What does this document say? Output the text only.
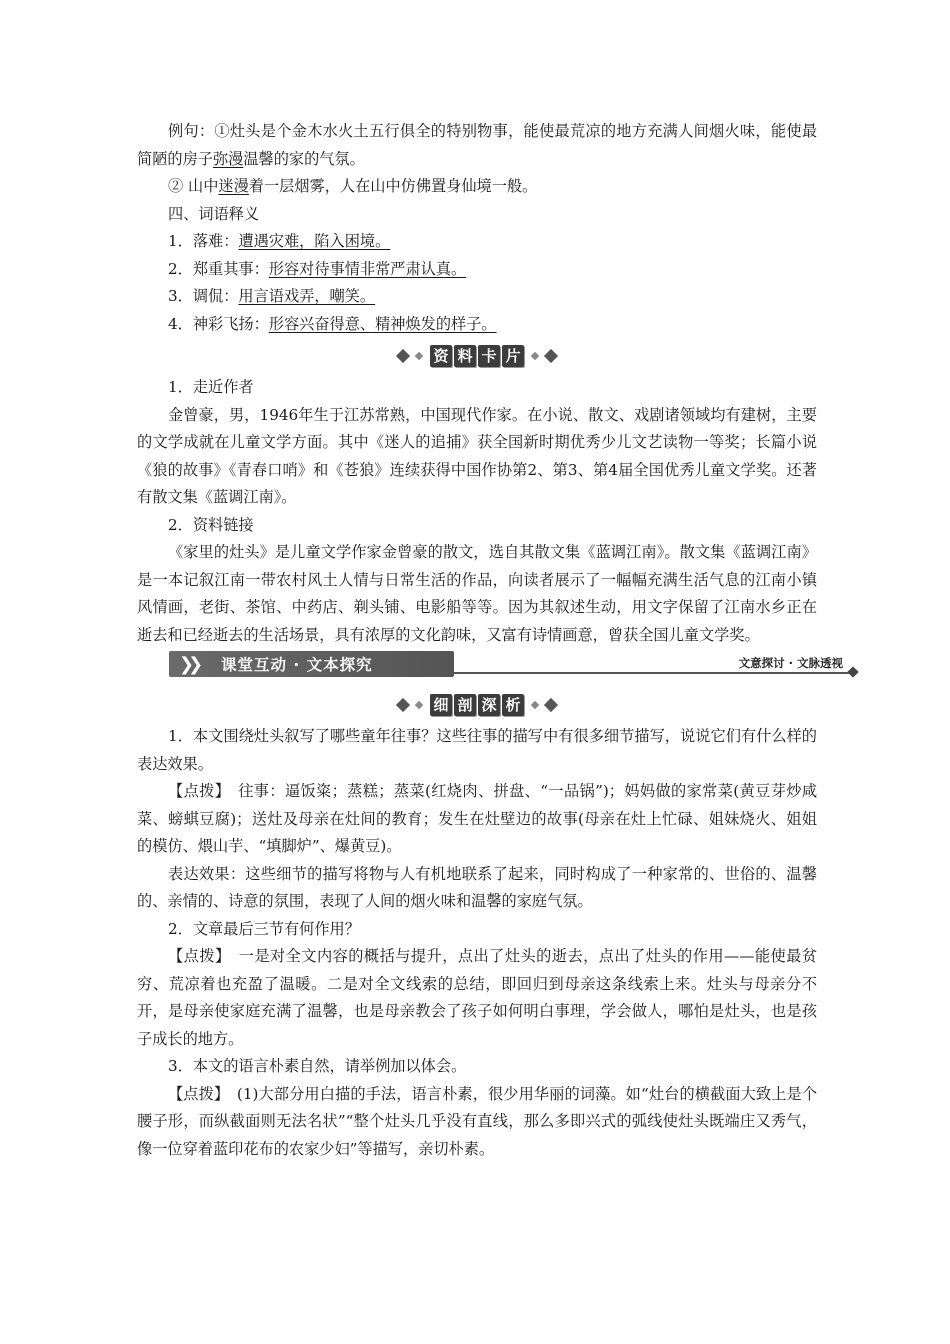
例句：①灶头是个金木水火土五行俱全的特别物事，能使最荒凉的地方充满人间烟火味，能使最简陋的房子弥漫温馨的家的气氛。

② 山中迷漫着一层烟雾，人在山中仿佛置身仙境一般。

四、词语释义

1．落难：遭遇灾难，陷入困境。

2．郑重其事：形容对待事情非常严肃认真。

3．调侃：用言语戏弄，嘲笑。

4．神彩飞扬：形容兴奋得意、精神焕发的样子。

资 料 卡 片

1．走近作者

金曾豪，男，1946年生于江苏常熟，中国现代作家。在小说、散文、戏剧诸领域均有建树，主要的文学成就在儿童文学方面。其中《迷人的追捕》获全国新时期优秀少儿文艺读物一等奖；长篇小说《狼的故事》《青春口哨》和《苍狼》连续获得中国作协第2、第3、第4届全国优秀儿童文学奖。还著有散文集《蓝调江南》。

2．资料链接

《家里的灶头》是儿童文学作家金曾豪的散文，选自其散文集《蓝调江南》。散文集《蓝调江南》是一本记叙江南一带农村风土人情与日常生活的作品，向读者展示了一幅幅充满生活气息的江南小镇风情画，老街、茶馆、中药店、剃头铺、电影船等等。因为其叙述生动，用文字保留了江南水乡正在逝去和已经逝去的生活场景，具有浓厚的文化韵味，又富有诗情画意，曾获全国儿童文学奖。

❯❯	课堂互动 · 文本探究	文意探讨 · 文脉透视
细 剖 深 析

1．本文围绕灶头叙写了哪些童年往事？这些往事的描写中有很多细节描写，说说它们有什么样的表达效果。

【点拨】　 往事：逼饭粢；蒸糕；蒸菜(红烧肉、拼盘、“一品锅”)；妈妈做的家常菜(黄豆芽炒咸菜、螃蜞豆腐)；送灶及母亲在灶间的教育；发生在灶壁边的故事(母亲在灶上忙碌、姐妹烧火、姐姐的模仿、煨山芋、“填脚炉”、爆黄豆)。

表达效果：这些细节的描写将物与人有机地联系了起来，同时构成了一种家常的、世俗的、温馨的、亲情的、诗意的氛围，表现了人间的烟火味和温馨的家庭气氛。

2．文章最后三节有何作用？

【点拨】　 一是对全文内容的概括与提升，点出了灶头的逝去，点出了灶头的作用——能使最贫穷、荒凉着也充盈了温暖。二是对全文线索的总结，即回归到母亲这条线索上来。灶头与母亲分不开，是母亲使家庭充满了温馨，也是母亲教会了孩子如何明白事理，学会做人，哪怕是灶头，也是孩子成长的地方。

3．本文的语言朴素自然，请举例加以体会。

【点拨】　 (1)大部分用白描的手法，语言朴素，很少用华丽的词藻。如“灶台的横截面大致上是个腰子形，而纵截面则无法名状”“整个灶头几乎没有直线，那么多即兴式的弧线使灶头既端庄又秀气，像一位穿着蓝印花布的农家少妇”等描写，亲切朴素。
